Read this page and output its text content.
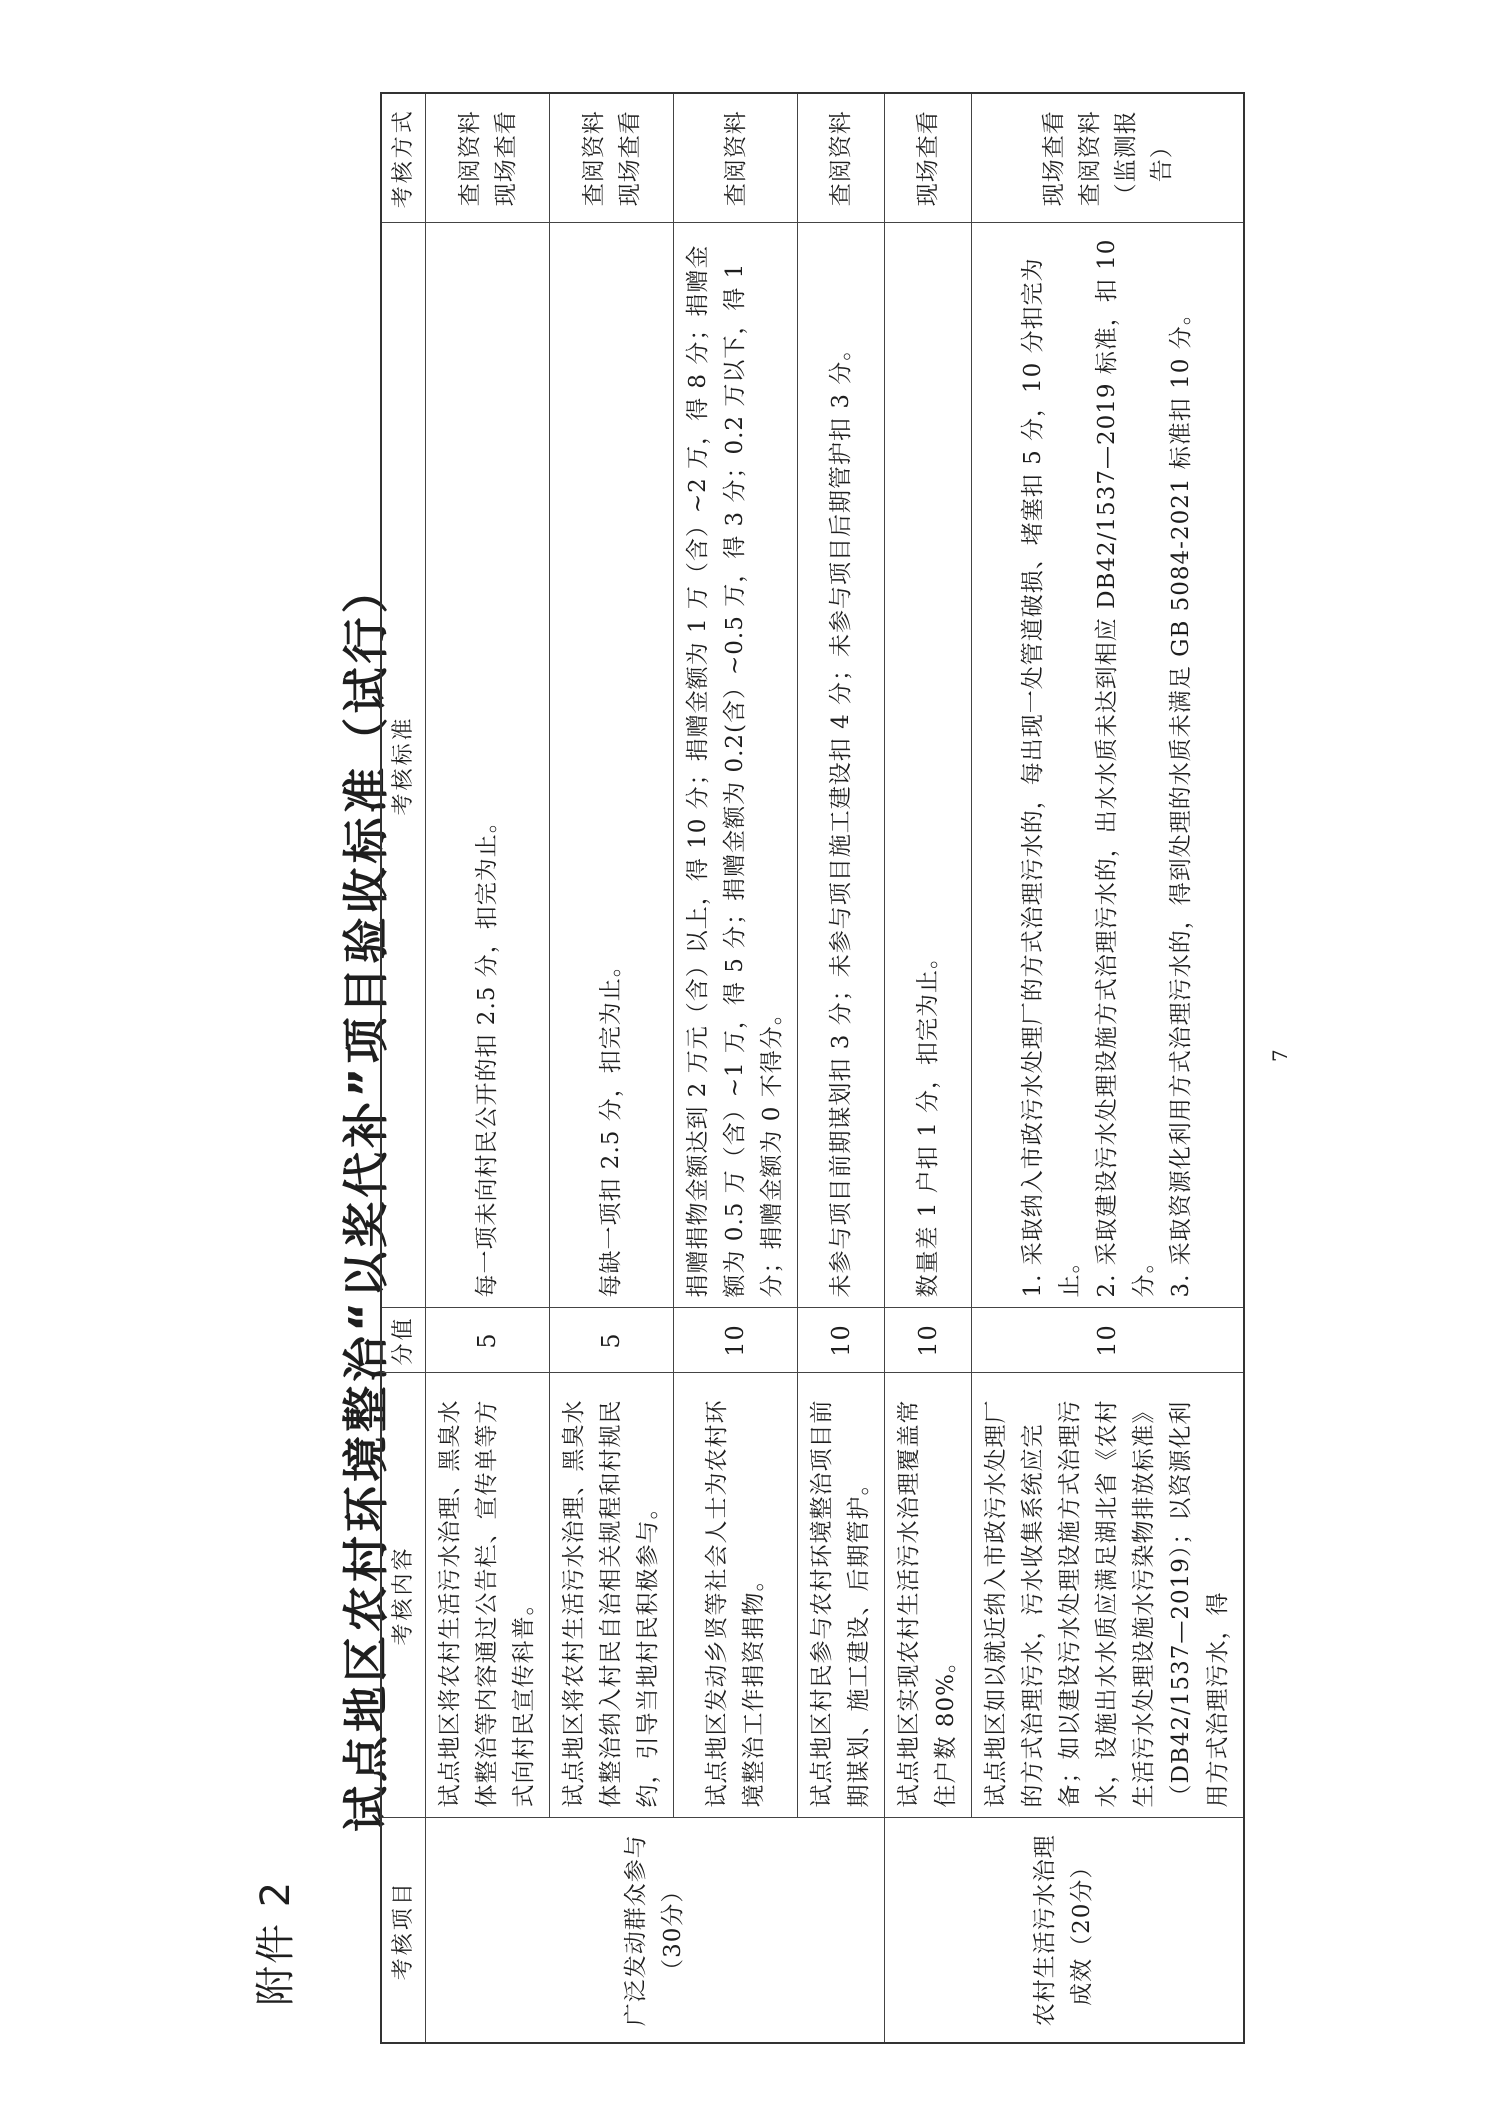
附件 2
试点地区农村环境整治“以奖代补”项目验收标准（试行）
考核项目	考核内容	分值	考核标准	考核方式
广泛发动群众参与（30分）	试点地区将农村生活污水治理、黑臭水体整治等内容通过公告栏、宣传单等方式向村民宣传科普。	5	每一项未向村民公开的扣 2.5 分，扣完为止。	查阅资料 现场查看
	试点地区将农村生活污水治理、黑臭水体整治纳入村民自治相关规程和村规民约，引导当地村民积极参与。	5	每缺一项扣 2.5 分，扣完为止。	查阅资料 现场查看
	试点地区发动乡贤等社会人士为农村环境整治工作捐资捐物。	10	捐赠捐物金额达到 2 万元（含）以上，得 10 分；捐赠金额为 1 万（含）~2 万，得 8 分；捐赠金额为 0.5 万（含）~1 万，得 5 分；捐赠金额为 0.2(含）~0.5 万，得 3 分；0.2 万以下，得 1 分；捐赠金额为 0 不得分。	查阅资料
	试点地区村民参与农村环境整治项目前期谋划、施工建设、后期管护。	10	未参与项目前期谋划扣 3 分；未参与项目施工建设扣 4 分；未参与项目后期管护扣 3 分。	查阅资料
农村生活污水治理成效（20分）	试点地区实现农村生活污水治理覆盖常住户数 80%。	10	数量差 1 户扣 1 分，扣完为止。	现场查看
	试点地区如以就近纳入市政污水处理厂的方式治理污水，污水收集系统应完备；如以建设污水处理设施方式治理污水，设施出水水质应满足湖北省《农村生活污水处理设施水污染物排放标准》（DB42/1537—2019）；以资源化利用方式治理污水，得	10	1. 采取纳入市政污水处理厂的方式治理污水的，每出现一处管道破损、堵塞扣 5 分，10 分扣完为止。
2. 采取建设污水处理设施方式治理污水的，出水水质未达到相应 DB42/1537—2019 标准，扣 10 分。
3. 采取资源化利用方式治理污水的，得到处理的水质未满足 GB 5084-2021 标准扣 10 分。	现场查看 查阅资料（监测报告）
7
